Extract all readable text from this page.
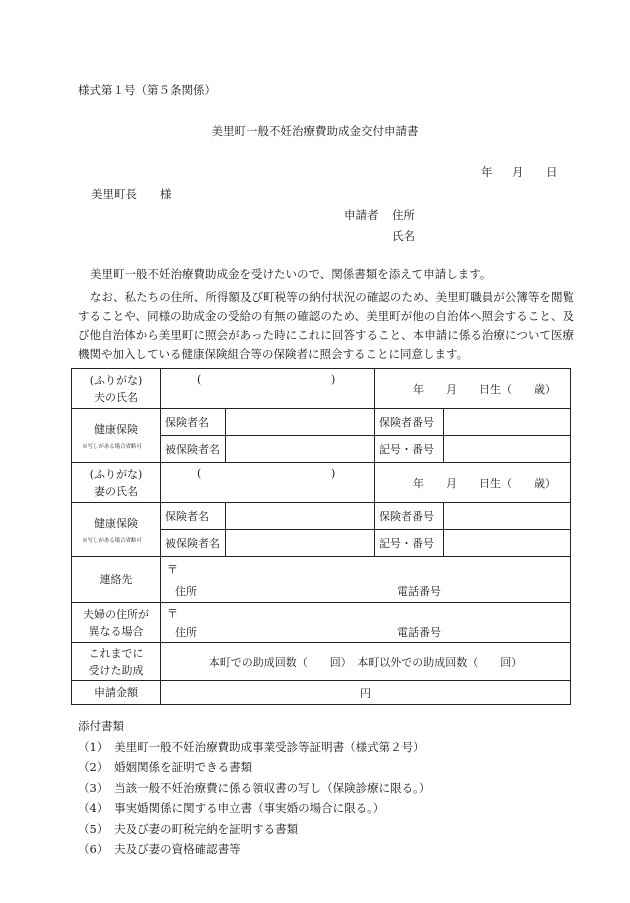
様式第１号（第５条関係）
美里町一般不妊治療費助成金交付申請書
年 月 日
美里町長　　様
申請者 住所
氏名
美里町一般不妊治療費助成金を受けたいので、関係書類を添えて申請します。
なお、私たちの住所、所得額及び町税等の納付状況の確認のため、美里町職員が公簿等を閲覧することや、同様の助成金の受給の有無の確認のため、美里町が他の自治体へ照会すること、及び他自治体から美里町に照会があった時にこれに回答すること、本申請に係る治療について医療機関や加入している健康保険組合等の保険者に照会することに同意します。
(ふりがな)
夫の氏名	( )		年　　月　　日生（　　歳）	
健康保険
※写しがある場合省略可	保険者名		保険者番号	
	被保険者名		記号・番号	
(ふりがな)
妻の氏名	( )		年　　月　　日生（　　歳）	
健康保険
※写しがある場合省略可	保険者名		保険者番号	
	被保険者名		記号・番号	
連絡先	〒
住所 電話番号			

夫婦の住所が
異なる場合	〒
住所 電話番号			

これまでに
受けた助成	本町での助成回数（　　回）　本町以外での助成回数（　　回）			
申請金額	円			
添付書類
（1）　美里町一般不妊治療費助成事業受診等証明書（様式第２号）
（2）　婚姻関係を証明できる書類
（3）　当該一般不妊治療費に係る領収書の写し（保険診療に限る。）
（4）　事実婚関係に関する申立書（事実婚の場合に限る。）
（5）　夫及び妻の町税完納を証明する書類
（6）　夫及び妻の資格確認書等
